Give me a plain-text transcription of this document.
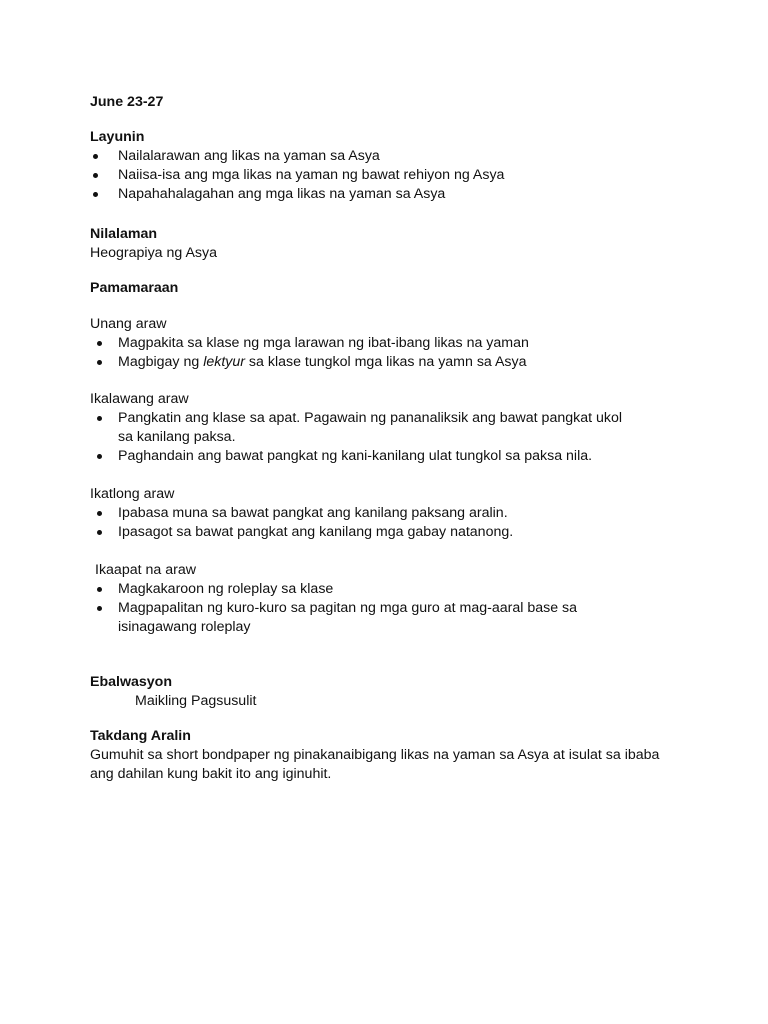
June 23-27
Layunin
Nailalarawan ang likas na yaman sa Asya
Naiisa-isa ang mga likas na yaman ng bawat rehiyon ng Asya
Napahahalagahan ang mga likas na yaman sa Asya
Nilalaman
Heograpiya ng Asya
Pamamaraan
Unang araw
Magpakita sa klase ng mga larawan ng ibat-ibang likas na yaman
Magbigay ng lektyur sa klase tungkol mga likas na yamn sa Asya
Ikalawang araw
Pangkatin ang klase sa apat. Pagawain ng pananaliksik ang bawat pangkat ukol sa kanilang paksa.
Paghandain ang bawat pangkat ng kani-kanilang ulat tungkol sa paksa nila.
Ikatlong araw
Ipabasa muna sa bawat pangkat ang kanilang paksang aralin.
Ipasagot sa bawat pangkat ang kanilang mga gabay natanong.
Ikaapat na araw
Magkakaroon ng roleplay sa klase
Magpapalitan ng kuro-kuro sa pagitan ng mga guro at mag-aaral base sa isinagawang roleplay
Ebalwasyon
Maikling Pagsusulit
Takdang Aralin
Gumuhit sa short bondpaper ng pinakanaibigang likas na yaman sa Asya at isulat sa ibaba ang dahilan kung bakit ito ang iginuhit.
